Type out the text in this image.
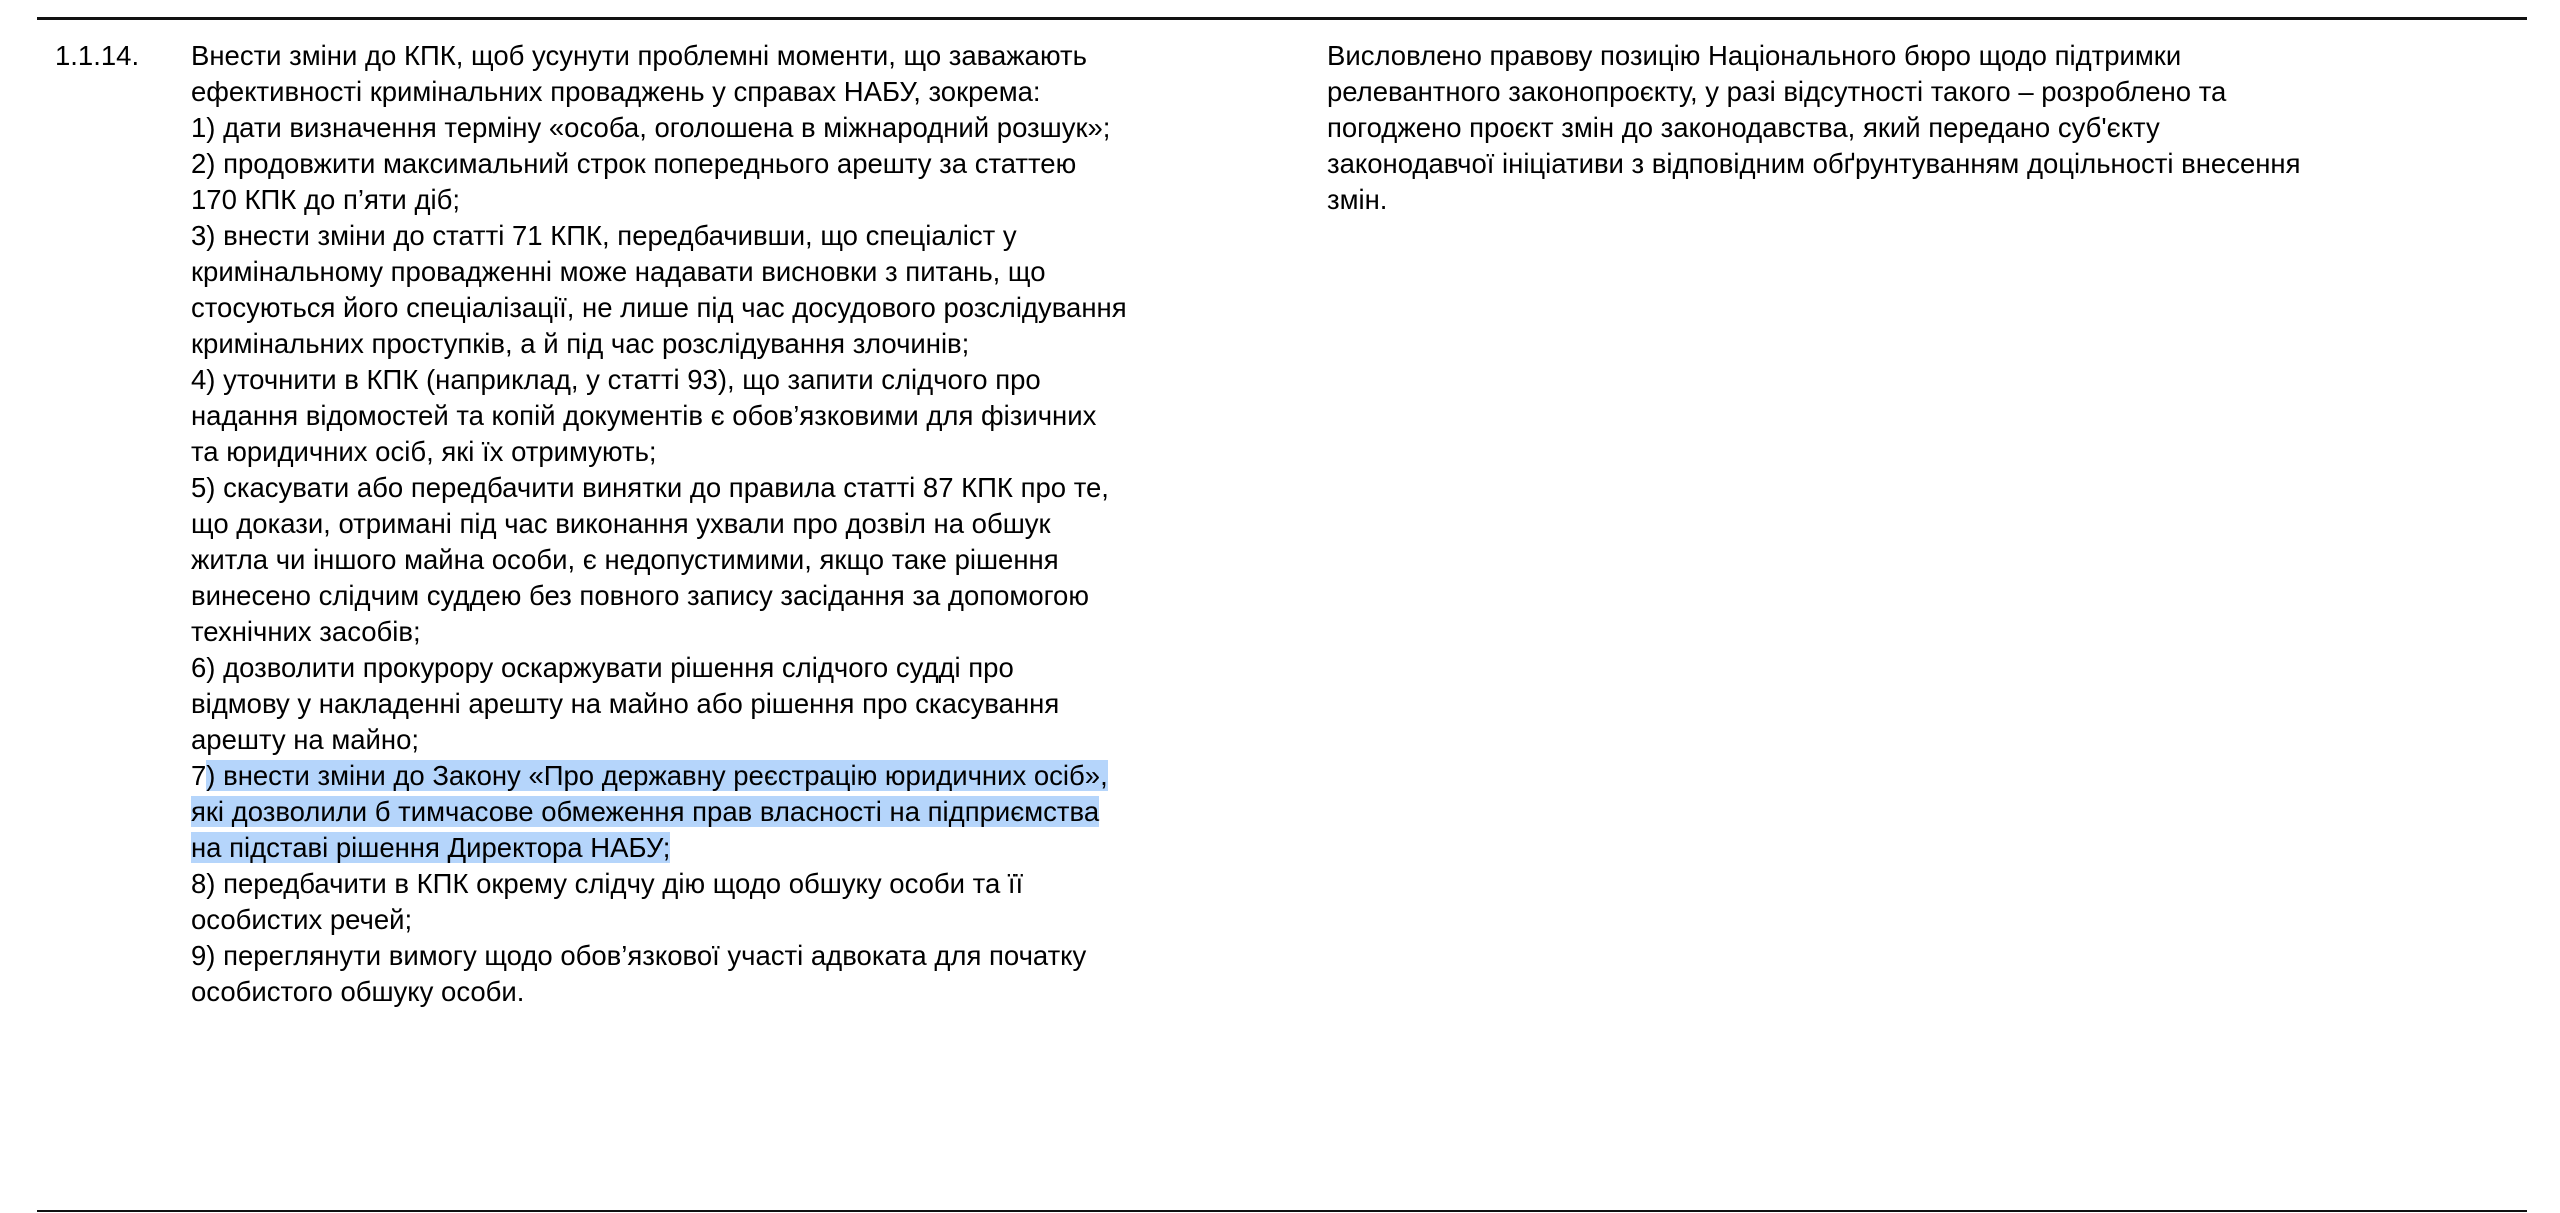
1.1.14. Внести зміни до КПК, щоб усунути проблемні моменти, що заважають
ефективності кримінальних проваджень у справах НАБУ, зокрема:
1) дати визначення терміну «особа, оголошена в міжнародний розшук»;
2) продовжити максимальний строк попереднього арешту за статтею
170 КПК до п’яти діб;
3) внести зміни до статті 71 КПК, передбачивши, що спеціаліст у
кримінальному провадженні може надавати висновки з питань, що
стосуються його спеціалізації, не лише під час досудового розслідування
кримінальних проступків, а й під час розслідування злочинів;
4) уточнити в КПК (наприклад, у статті 93), що запити слідчого про
надання відомостей та копій документів є обов’язковими для фізичних
та юридичних осіб, які їх отримують;
5) скасувати або передбачити винятки до правила статті 87 КПК про те,
що докази, отримані під час виконання ухвали про дозвіл на обшук
житла чи іншого майна особи, є недопустимими, якщо таке рішення
винесено слідчим суддею без повного запису засідання за допомогою
технічних засобів;
6) дозволити прокурору оскаржувати рішення слідчого судді про
відмову у накладенні арешту на майно або рішення про скасування
арешту на майно;
7) внести зміни до Закону «Про державну реєстрацію юридичних осіб»,
які дозволили б тимчасове обмеження прав власності на підприємства
на підставі рішення Директора НАБУ;
8) передбачити в КПК окрему слідчу дію щодо обшуку особи та її
особистих речей;
9) переглянути вимогу щодо обов’язкової участі адвоката для початку
особистого обшуку особи.
Висловлено правову позицію Національного бюро щодо підтримки
релевантного законопроєкту, у разі відсутності такого – розроблено та
погоджено проєкт змін до законодавства, який передано суб'єкту
законодавчої ініціативи з відповідним обґрунтуванням доцільності внесення
змін.
